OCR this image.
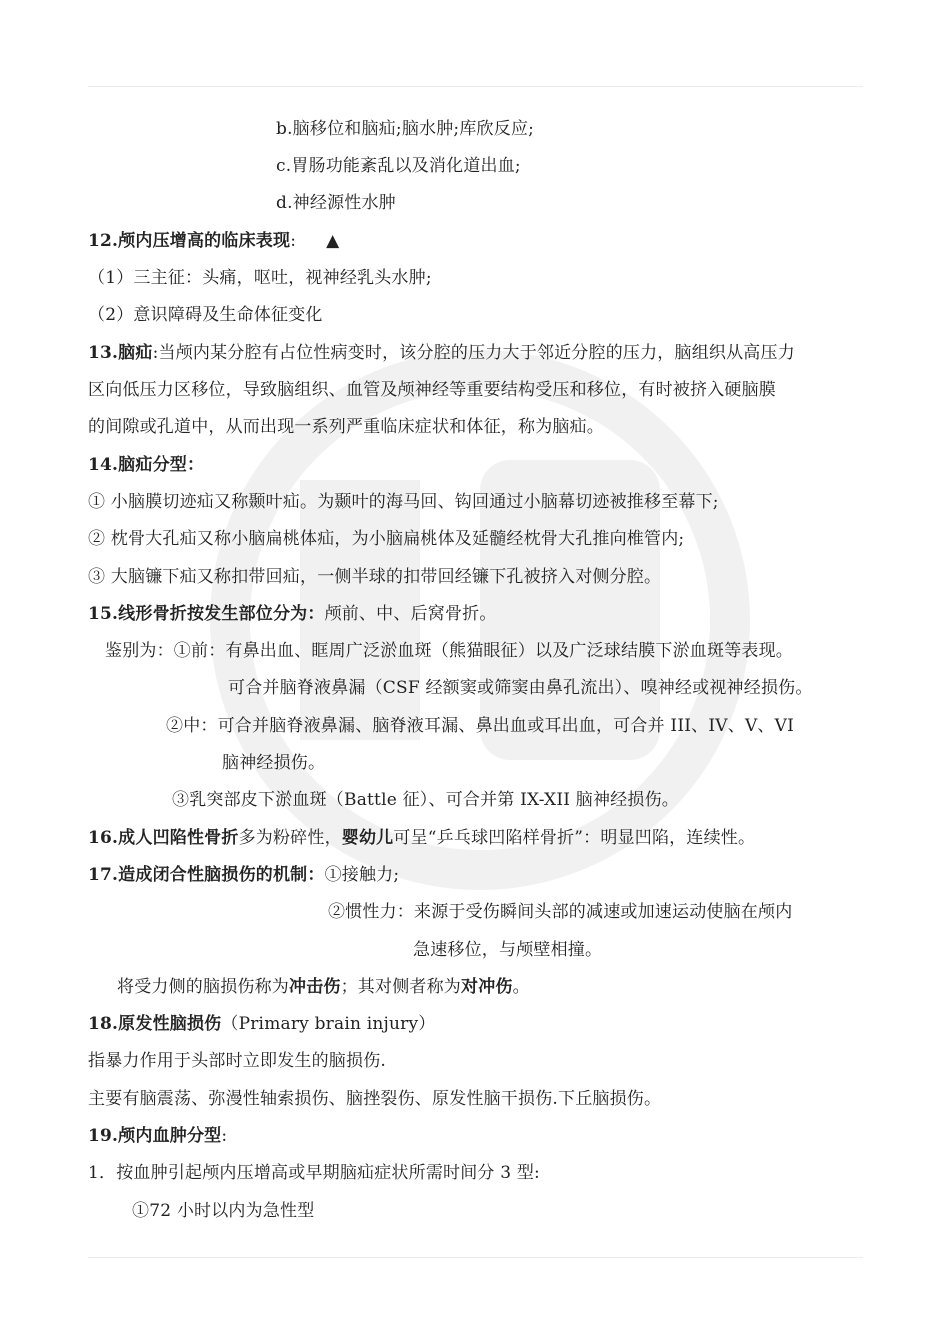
b.脑移位和脑疝;脑水肿;库欣反应;
c.胃肠功能紊乱以及消化道出血;
d.神经源性水肿
12.颅内压增高的临床表现: ▲
（1）三主征：头痛，呕吐，视神经乳头水肿;
（2）意识障碍及生命体征变化
13.脑疝:当颅内某分腔有占位性病变时，该分腔的压力大于邻近分腔的压力，脑组织从高压力
区向低压力区移位，导致脑组织、血管及颅神经等重要结构受压和移位，有时被挤入硬脑膜
的间隙或孔道中，从而出现一系列严重临床症状和体征，称为脑疝。
14.脑疝分型：
① 小脑膜切迹疝又称颞叶疝。为颞叶的海马回、钩回通过小脑幕切迹被推移至幕下;
② 枕骨大孔疝又称小脑扁桃体疝，为小脑扁桃体及延髓经枕骨大孔推向椎管内;
③ 大脑镰下疝又称扣带回疝，一侧半球的扣带回经镰下孔被挤入对侧分腔。
15.线形骨折按发生部位分为：颅前、中、后窝骨折。
鉴别为：①前：有鼻出血、眶周广泛淤血斑（熊猫眼征）以及广泛球结膜下淤血斑等表现。
可合并脑脊液鼻漏（CSF 经额窦或筛窦由鼻孔流出）、嗅神经或视神经损伤。
②中：可合并脑脊液鼻漏、脑脊液耳漏、鼻出血或耳出血，可合并 III、IV、V、VI
脑神经损伤。
③乳突部皮下淤血斑（Battle 征）、可合并第 IX-XII 脑神经损伤。
16.成人凹陷性骨折多为粉碎性，婴幼儿可呈“乒乓球凹陷样骨折”：明显凹陷，连续性。
17.造成闭合性脑损伤的机制：①接触力;
②惯性力：来源于受伤瞬间头部的减速或加速运动使脑在颅内
急速移位，与颅壁相撞。
将受力侧的脑损伤称为冲击伤；其对侧者称为对冲伤。
18.原发性脑损伤（Primary brain injury）
指暴力作用于头部时立即发生的脑损伤.
主要有脑震荡、弥漫性轴索损伤、脑挫裂伤、原发性脑干损伤.下丘脑损伤。
19.颅内血肿分型:
1．按血肿引起颅内压增高或早期脑疝症状所需时间分 3 型:
①72 小时以内为急性型
